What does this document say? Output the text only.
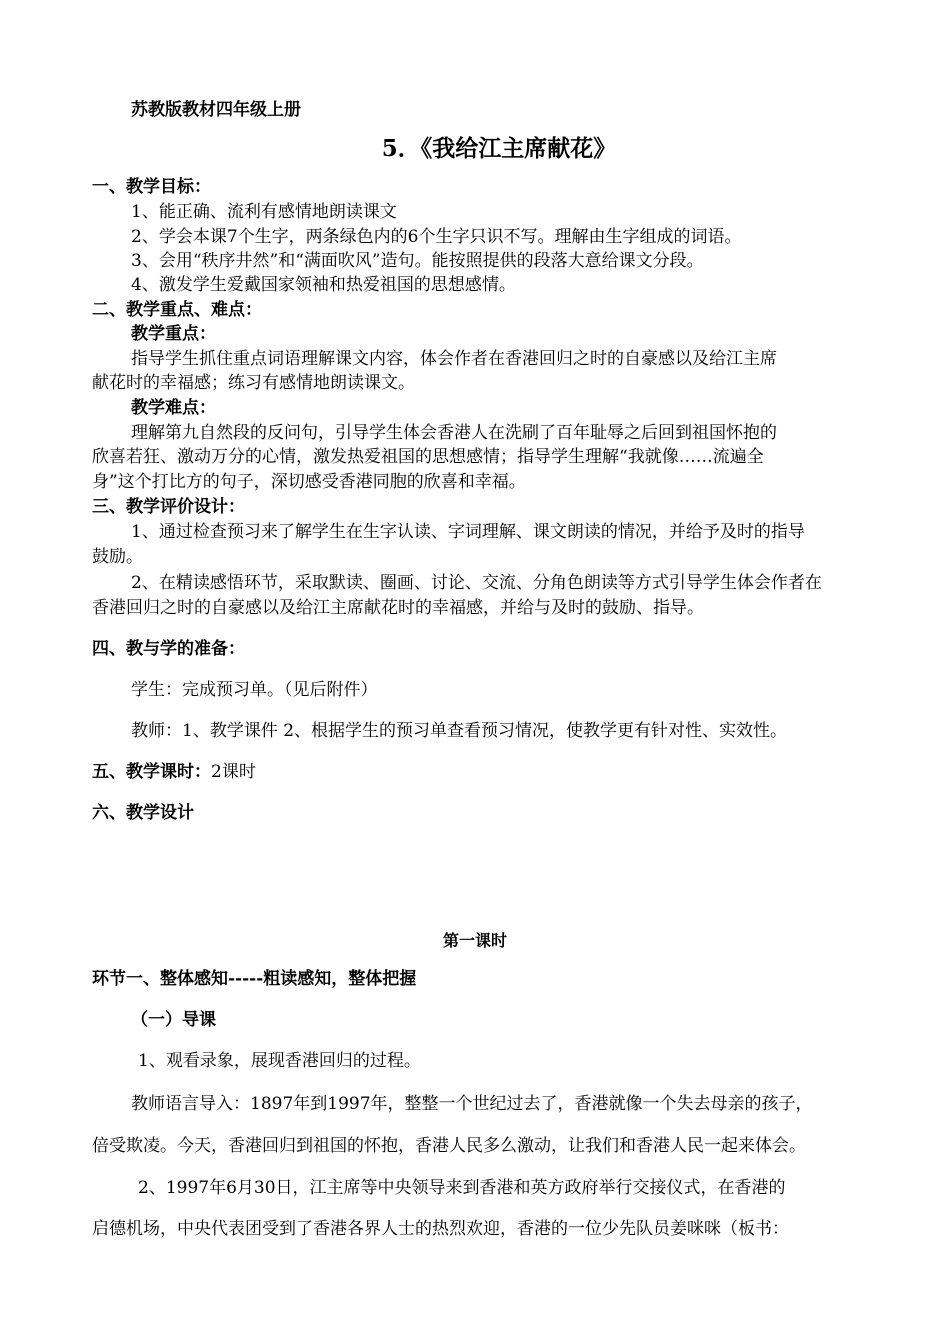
苏教版教材四年级上册
5．《我给江主席献花》
一、教学目标：
1、能正确、流利有感情地朗读课文
2、学会本课7个生字，两条绿色内的6个生字只识不写。理解由生字组成的词语。
3、会用“秩序井然”和“满面吹风”造句。能按照提供的段落大意给课文分段。
4、激发学生爱戴国家领袖和热爱祖国的思想感情。
二、教学重点、难点：
教学重点：
指导学生抓住重点词语理解课文内容，体会作者在香港回归之时的自豪感以及给江主席
献花时的幸福感；练习有感情地朗读课文。
教学难点：
理解第九自然段的反问句，引导学生体会香港人在洗刷了百年耻辱之后回到祖国怀抱的
欣喜若狂、激动万分的心情，激发热爱祖国的思想感情；指导学生理解“我就像……流遍全
身”这个打比方的句子，深切感受香港同胞的欣喜和幸福。
三、教学评价设计：
1、通过检查预习来了解学生在生字认读、字词理解、课文朗读的情况，并给予及时的指导
鼓励。
2、在精读感悟环节，采取默读、圈画、讨论、交流、分角色朗读等方式引导学生体会作者在
香港回归之时的自豪感以及给江主席献花时的幸福感，并给与及时的鼓励、指导。
四、教与学的准备：
学生：完成预习单。（见后附件）
教师：1、教学课件 2、根据学生的预习单查看预习情况，使教学更有针对性、实效性。
五、教学课时：2课时
六、教学设计
第一课时
环节一、整体感知-----粗读感知，整体把握
（一）导课
1、观看录象，展现香港回归的过程。
教师语言导入：1897年到1997年，整整一个世纪过去了，香港就像一个失去母亲的孩子，
倍受欺凌。今天，香港回归到祖国的怀抱，香港人民多么激动，让我们和香港人民一起来体会。
2、1997年6月30日，江主席等中央领导来到香港和英方政府举行交接仪式，在香港的
启德机场，中央代表团受到了香港各界人士的热烈欢迎，香港的一位少先队员姜咪咪（板书：
